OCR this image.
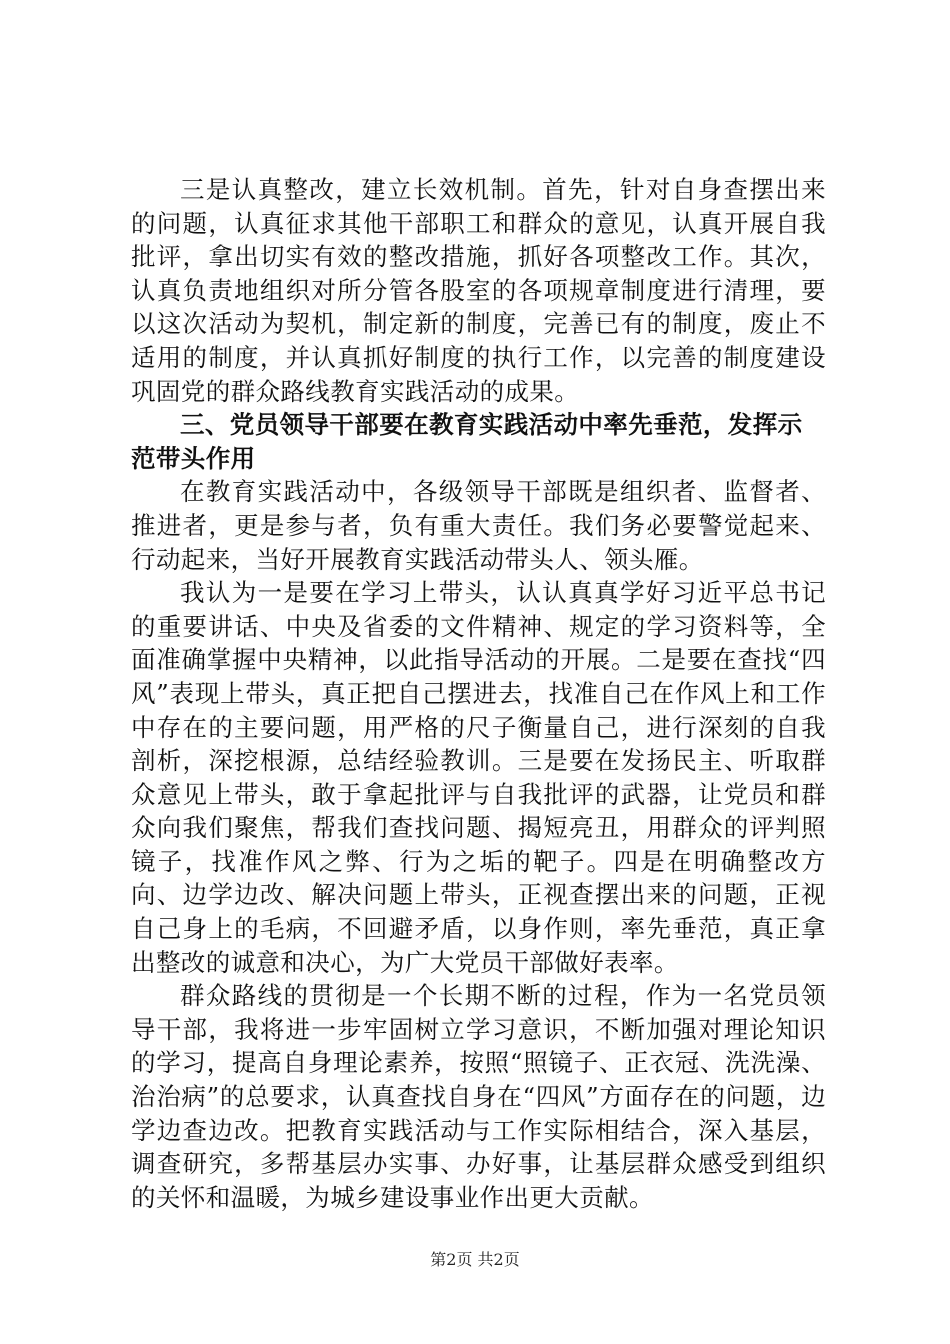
三是认真整改，建立长效机制。首先，针对自身查摆出来的问题，认真征求其他干部职工和群众的意见，认真开展自我批评，拿出切实有效的整改措施，抓好各项整改工作。其次，认真负责地组织对所分管各股室的各项规章制度进行清理，要以这次活动为契机，制定新的制度，完善已有的制度，废止不适用的制度，并认真抓好制度的执行工作，以完善的制度建设巩固党的群众路线教育实践活动的成果。

三、党员领导干部要在教育实践活动中率先垂范，发挥示范带头作用

在教育实践活动中，各级领导干部既是组织者、监督者、推进者，更是参与者，负有重大责任。我们务必要警觉起来、行动起来，当好开展教育实践活动带头人、领头雁。

我认为一是要在学习上带头，认认真真学好习近平总书记的重要讲话、中央及省委的文件精神、规定的学习资料等，全面准确掌握中央精神，以此指导活动的开展。二是要在查找“四风”表现上带头，真正把自己摆进去，找准自己在作风上和工作中存在的主要问题，用严格的尺子衡量自己，进行深刻的自我剖析，深挖根源，总结经验教训。三是要在发扬民主、听取群众意见上带头，敢于拿起批评与自我批评的武器，让党员和群众向我们聚焦，帮我们查找问题、揭短亮丑，用群众的评判照镜子，找准作风之弊、行为之垢的靶子。四是在明确整改方向、边学边改、解决问题上带头，正视查摆出来的问题，正视自己身上的毛病，不回避矛盾，以身作则，率先垂范，真正拿出整改的诚意和决心，为广大党员干部做好表率。

群众路线的贯彻是一个长期不断的过程，作为一名党员领导干部，我将进一步牢固树立学习意识，不断加强对理论知识的学习，提高自身理论素养，按照“照镜子、正衣冠、洗洗澡、治治病”的总要求，认真查找自身在“四风”方面存在的问题，边学边查边改。把教育实践活动与工作实际相结合，深入基层，调查研究，多帮基层办实事、办好事，让基层群众感受到组织的关怀和温暖，为城乡建设事业作出更大贡献。

第2页 共2页
